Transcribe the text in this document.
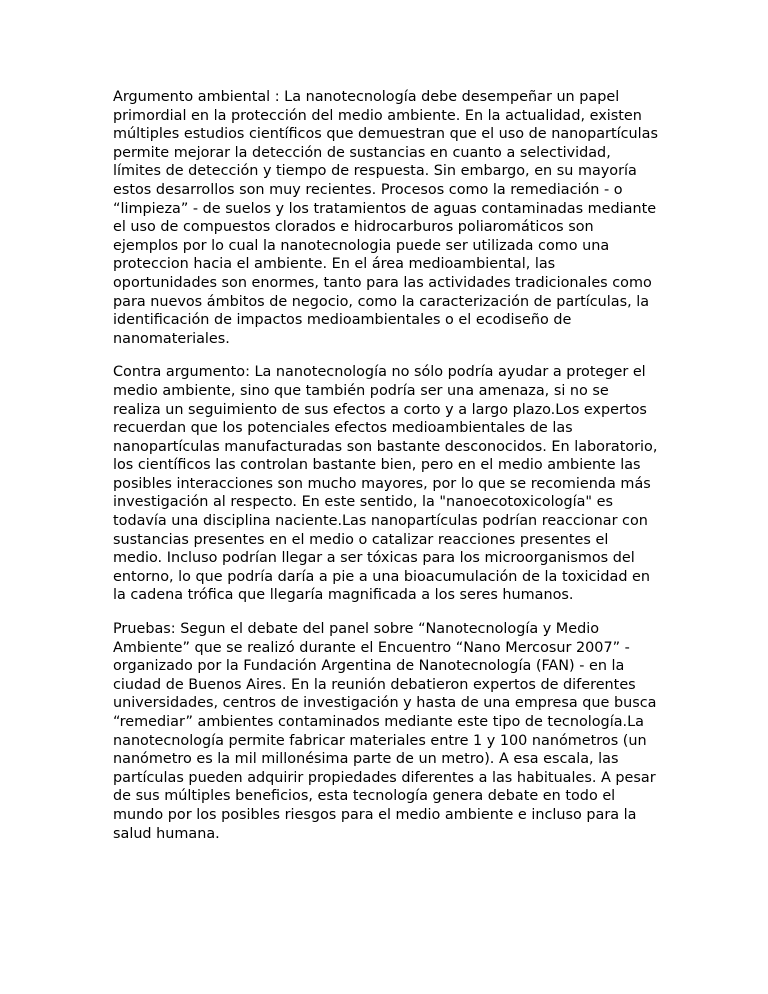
Argumento ambiental : La nanotecnología debe desempeñar un papel primordial en la protección del medio ambiente. En la actualidad, existen múltiples estudios científicos que demuestran que el uso de nanopartículas permite mejorar la detección de sustancias en cuanto a selectividad, límites de detección y tiempo de respuesta. Sin embargo, en su mayoría estos desarrollos son muy recientes. Procesos como la remediación - o “limpieza” - de suelos y los tratamientos de aguas contaminadas mediante el uso de compuestos clorados e hidrocarburos poliaromáticos son ejemplos por lo cual la nanotecnologia puede ser utilizada como una proteccion hacia el ambiente. En el área medioambiental, las oportunidades son enormes, tanto para las actividades tradicionales como para nuevos ámbitos de negocio, como la caracterización de partículas, la identificación de impactos medioambientales o el ecodiseño de nanomateriales.

Contra argumento: La nanotecnología no sólo podría ayudar a proteger el medio ambiente, sino que también podría ser una amenaza, si no se realiza un seguimiento de sus efectos a corto y a largo plazo.Los expertos recuerdan que los potenciales efectos medioambientales de las nanopartículas manufacturadas son bastante desconocidos. En laboratorio, los científicos las controlan bastante bien, pero en el medio ambiente las posibles interacciones son mucho mayores, por lo que se recomienda más investigación al respecto. En este sentido, la "nanoecotoxicología" es todavía una disciplina naciente.Las nanopartículas podrían reaccionar con sustancias presentes en el medio o catalizar reacciones presentes el medio. Incluso podrían llegar a ser tóxicas para los microorganismos del entorno, lo que podría daría a pie a una bioacumulación de la toxicidad en la cadena trófica que llegaría magnificada a los seres humanos.

Pruebas: Segun el debate del panel sobre “Nanotecnología y Medio Ambiente” que se realizó durante el Encuentro “Nano Mercosur 2007” - organizado por la Fundación Argentina de Nanotecnología (FAN) - en la ciudad de Buenos Aires. En la reunión debatieron expertos de diferentes universidades, centros de investigación y hasta de una empresa que busca “remediar” ambientes contaminados mediante este tipo de tecnología.La nanotecnología permite fabricar materiales entre 1 y 100 nanómetros (un nanómetro es la mil millonésima parte de un metro). A esa escala, las partículas pueden adquirir propiedades diferentes a las habituales. A pesar de sus múltiples beneficios, esta tecnología genera debate en todo el mundo por los posibles riesgos para el medio ambiente e incluso para la salud humana.
